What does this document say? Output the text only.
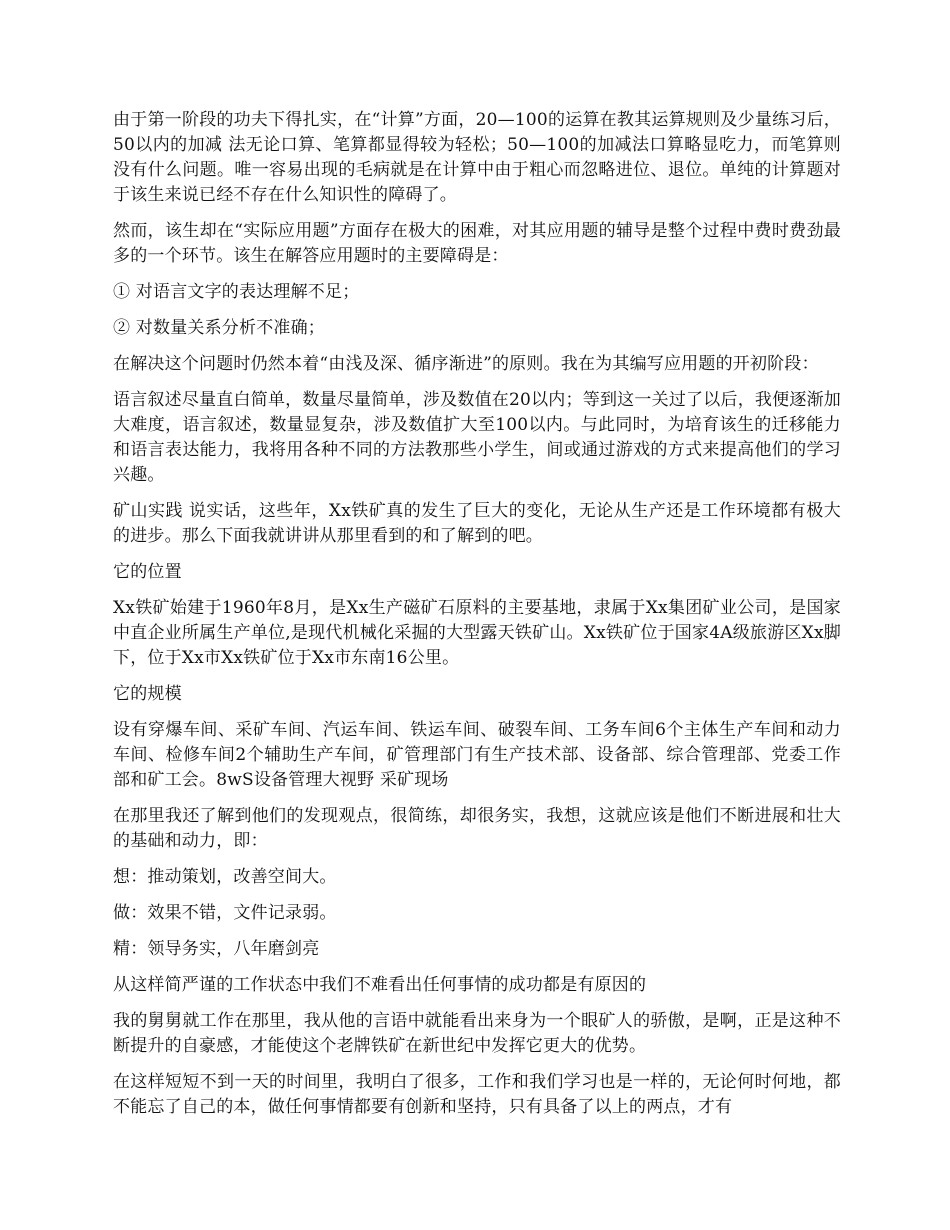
由于第一阶段的功夫下得扎实，在“计算”方面，20—100的运算在教其运算规则及少量练习后，50以内的加减 法无论口算、笔算都显得较为轻松；50—100的加减法口算略显吃力，而笔算则没有什么问题。唯一容易出现的毛病就是在计算中由于粗心而忽略进位、退位。单纯的计算题对于该生来说已经不存在什么知识性的障碍了。

然而，该生却在“实际应用题”方面存在极大的困难，对其应用题的辅导是整个过程中费时费劲最多的一个环节。该生在解答应用题时的主要障碍是：

① 对语言文字的表达理解不足；

② 对数量关系分析不准确；

在解决这个问题时仍然本着“由浅及深、循序渐进”的原则。我在为其编写应用题的开初阶段：

语言叙述尽量直白简单，数量尽量简单，涉及数值在20以内；等到这一关过了以后，我便逐渐加大难度，语言叙述，数量显复杂，涉及数值扩大至100以内。与此同时，为培育该生的迁移能力和语言表达能力，我将用各种不同的方法教那些小学生，间或通过游戏的方式来提高他们的学习兴趣。

矿山实践 说实话，这些年，Xx铁矿真的发生了巨大的变化，无论从生产还是工作环境都有极大的进步。那么下面我就讲讲从那里看到的和了解到的吧。

它的位置

Xx铁矿始建于1960年8月，是Xx生产磁矿石原料的主要基地，隶属于Xx集团矿业公司，是国家中直企业所属生产单位,是现代机械化采掘的大型露天铁矿山。Xx铁矿位于国家4A级旅游区Xx脚下，位于Xx市Xx铁矿位于Xx市东南16公里。

它的规模

设有穿爆车间、采矿车间、汽运车间、铁运车间、破裂车间、工务车间6个主体生产车间和动力车间、检修车间2个辅助生产车间，矿管理部门有生产技术部、设备部、综合管理部、党委工作部和矿工会。8wS设备管理大视野 采矿现场

在那里我还了解到他们的发现观点，很简练，却很务实，我想，这就应该是他们不断进展和壮大的基础和动力，即：

想：推动策划，改善空间大。

做：效果不错，文件记录弱。

精：领导务实，八年磨剑亮

从这样简严谨的工作状态中我们不难看出任何事情的成功都是有原因的

我的舅舅就工作在那里，我从他的言语中就能看出来身为一个眼矿人的骄傲，是啊，正是这种不断提升的自豪感，才能使这个老牌铁矿在新世纪中发挥它更大的优势。

在这样短短不到一天的时间里，我明白了很多，工作和我们学习也是一样的，无论何时何地，都不能忘了自己的本，做任何事情都要有创新和坚持，只有具备了以上的两点，才有
